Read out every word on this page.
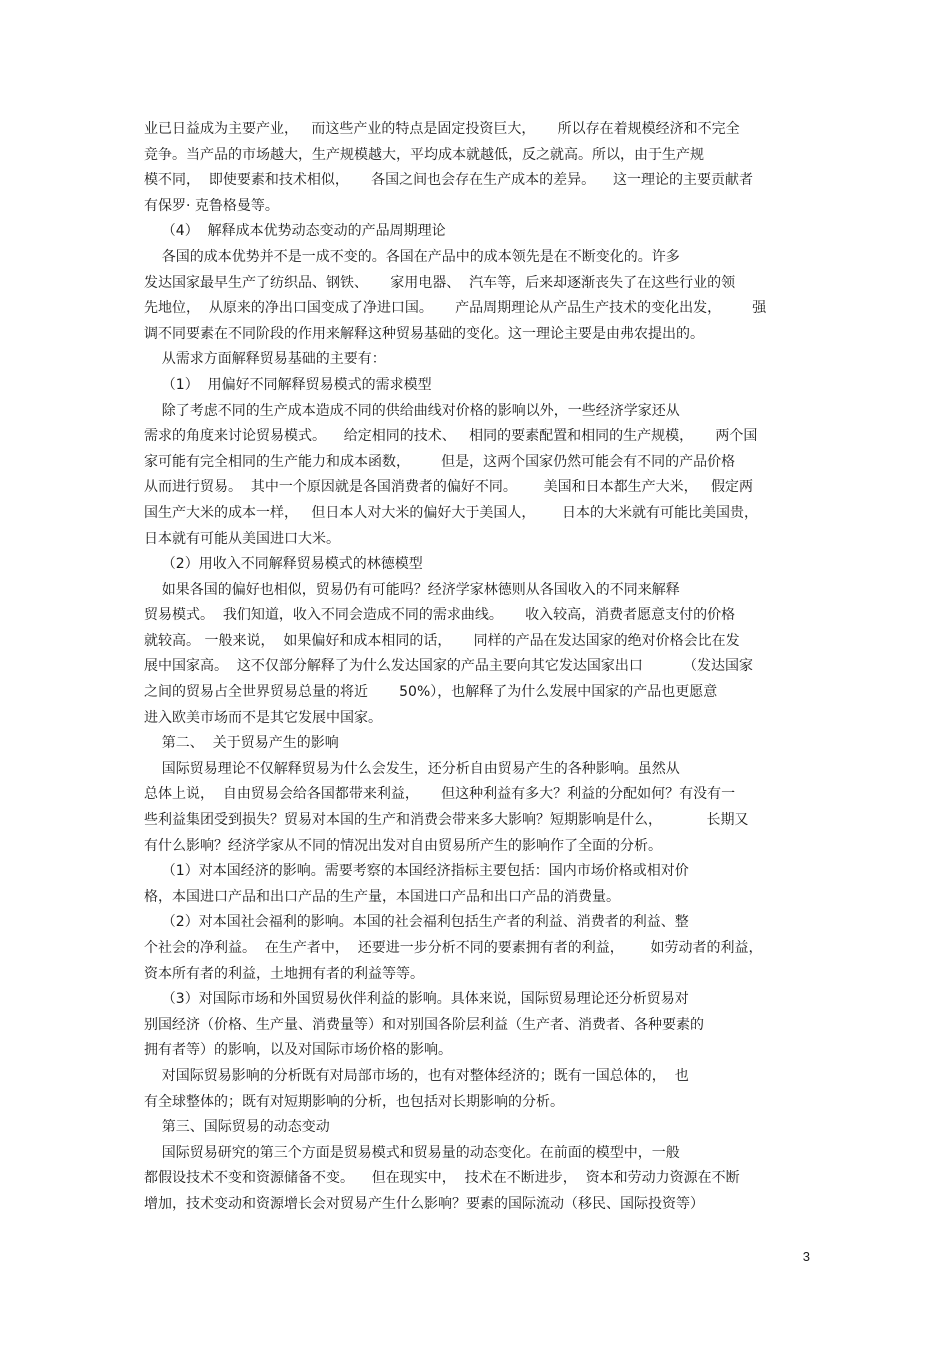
业已日益成为主要产业，   而这些产业的特点是固定投资巨大，     所以存在着规模经济和不完全
竞争。当产品的市场越大，生产规模越大，平均成本就越低，反之就高。所以，由于生产规
模不同，  即使要素和技术相似，     各国之间也会存在生产成本的差异。    这一理论的主要贡献者
有保罗· 克鲁格曼等。
（4）  解释成本优势动态变动的产品周期理论
各国的成本优势并不是一成不变的。各国在产品中的成本领先是在不断变化的。许多
发达国家最早生产了纺织品、钢铁、     家用电器、  汽车等，后来却逐渐丧失了在这些行业的领
先地位，  从原来的净出口国变成了净进口国。     产品周期理论从产品生产技术的变化出发，       强
调不同要素在不同阶段的作用来解释这种贸易基础的变化。这一理论主要是由弗农提出的。
从需求方面解释贸易基础的主要有：
（1）  用偏好不同解释贸易模式的需求模型
除了考虑不同的生产成本造成不同的供给曲线对价格的影响以外，一些经济学家还从
需求的角度来讨论贸易模式。    给定相同的技术、   相同的要素配置和相同的生产规模，     两个国
家可能有完全相同的生产能力和成本函数，       但是，这两个国家仍然可能会有不同的产品价格
从而进行贸易。  其中一个原因就是各国消费者的偏好不同。      美国和日本都生产大米，   假定两
国生产大米的成本一样，   但日本人对大米的偏好大于美国人，      日本的大米就有可能比美国贵，
日本就有可能从美国进口大米。
（2）用收入不同解释贸易模式的林德模型
如果各国的偏好也相似，贸易仍有可能吗？经济学家林德则从各国收入的不同来解释
贸易模式。  我们知道，收入不同会造成不同的需求曲线。     收入较高，消费者愿意支付的价格
就较高。 一般来说，  如果偏好和成本相同的话，     同样的产品在发达国家的绝对价格会比在发
展中国家高。  这不仅部分解释了为什么发达国家的产品主要向其它发达国家出口         （发达国家
之间的贸易占全世界贸易总量的将近       50%），也解释了为什么发展中国家的产品也更愿意
进入欧美市场而不是其它发展中国家。
第二、  关于贸易产生的影响
国际贸易理论不仅解释贸易为什么会发生，还分析自由贸易产生的各种影响。虽然从
总体上说，  自由贸易会给各国都带来利益，     但这种利益有多大？利益的分配如何？有没有一
些利益集团受到损失？贸易对本国的生产和消费会带来多大影响？短期影响是什么，          长期又
有什么影响？经济学家从不同的情况出发对自由贸易所产生的影响作了全面的分析。
（1）对本国经济的影响。需要考察的本国经济指标主要包括：国内市场价格或相对价
格，本国进口产品和出口产品的生产量，本国进口产品和出口产品的消费量。
（2）对本国社会福利的影响。本国的社会福利包括生产者的利益、消费者的利益、整
个社会的净利益。  在生产者中，  还要进一步分析不同的要素拥有者的利益，      如劳动者的利益，
资本所有者的利益，土地拥有者的利益等等。
（3）对国际市场和外国贸易伙伴利益的影响。具体来说，国际贸易理论还分析贸易对
别国经济（价格、生产量、消费量等）和对别国各阶层利益（生产者、消费者、各种要素的
拥有者等）的影响，以及对国际市场价格的影响。
对国际贸易影响的分析既有对局部市场的，也有对整体经济的；既有一国总体的，  也
有全球整体的；既有对短期影响的分析，也包括对长期影响的分析。
第三、国际贸易的动态变动
国际贸易研究的第三个方面是贸易模式和贸易量的动态变化。在前面的模型中，一般
都假设技术不变和资源储备不变。    但在现实中，  技术在不断进步，  资本和劳动力资源在不断
增加，技术变动和资源增长会对贸易产生什么影响？要素的国际流动（移民、国际投资等）
3
